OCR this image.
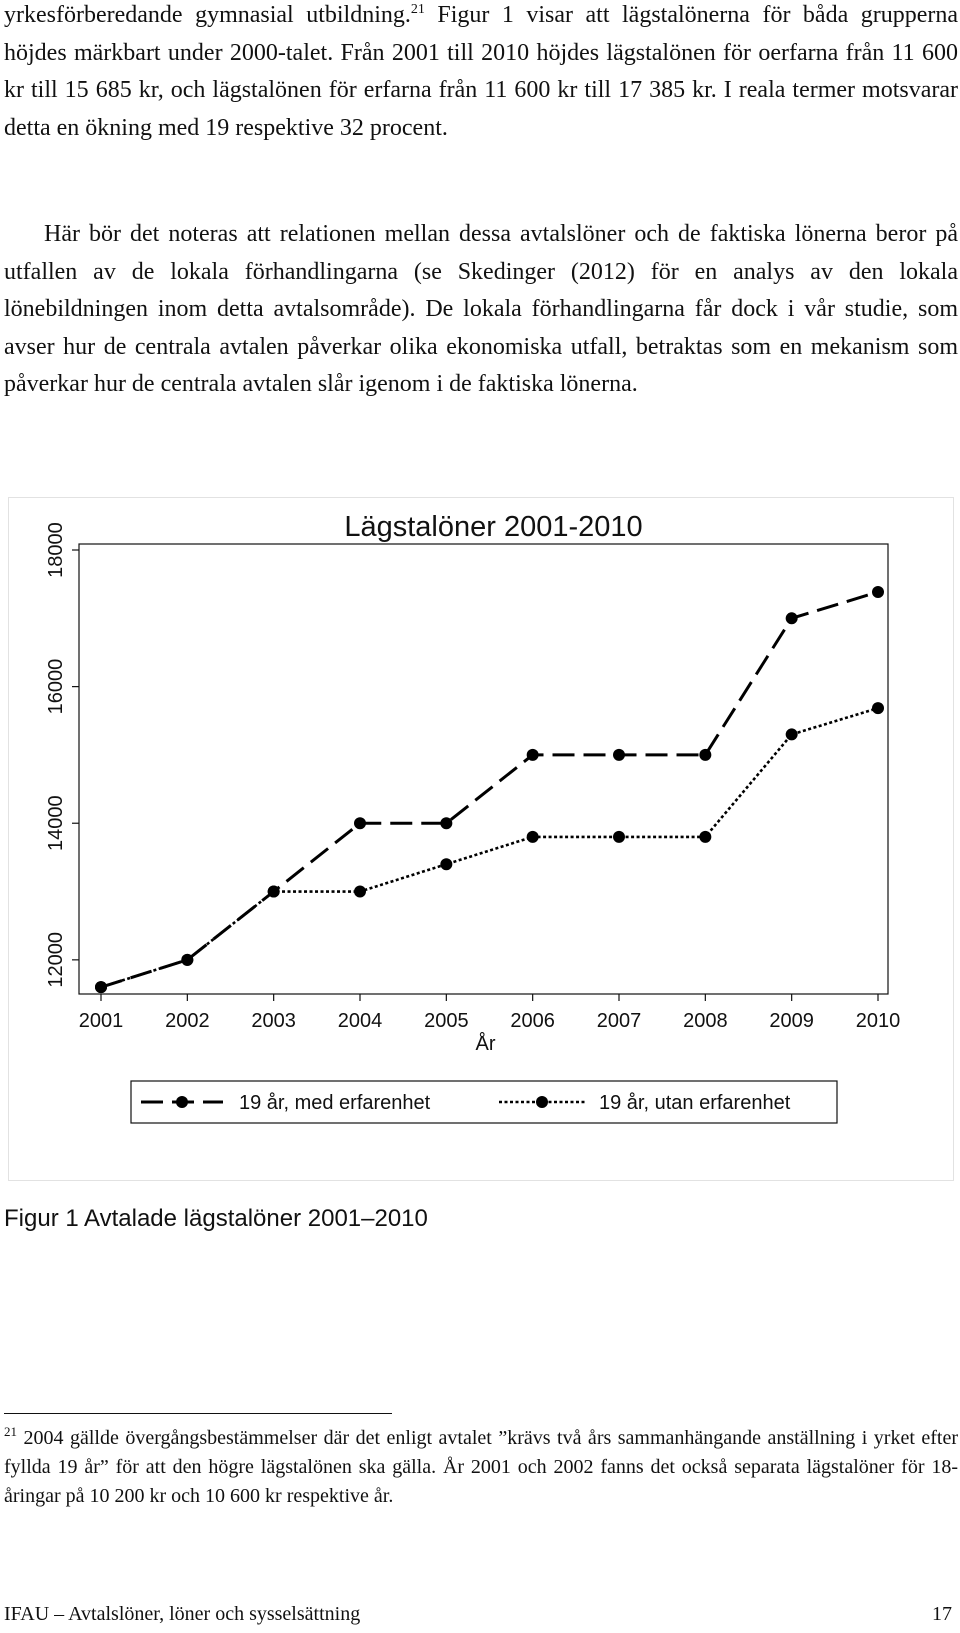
yrkesförberedande gymnasial utbildning.$^{21}$ Figur 1 visar att lägstalönerna för båda grupperna höjdes märkbart under 2000-talet. Från 2001 till 2010 höjdes lägstalönen för oerfarna från 11 600 kr till 15 685 kr, och lägstalönen för erfarna från 11 600 kr till 17 385 kr. I reala termer motsvarar detta en ökning med 19 respektive 32 procent.

Här bör det noteras att relationen mellan dessa avtalslöner och de faktiska lönerna beror på utfallen av de lokala förhandlingarna (se Skedinger (2012) för en analys av den lokala lönebildningen inom detta avtalsområde). De lokala förhandlingarna får dock i vår studie, som avser hur de centrala avtalen påverkar olika ekonomiska utfall, betraktas som en mekanism som påverkar hur de centrala avtalen slår igenom i de faktiska lönerna.

Lägstalöner 2001-2010
12000
14000
16000
18000
2001 2002 2003 2004 2005 2006 2007 2008 2009 2010
År
19 år, med erfarenhet	19 år, utan erfarenhet
Figur 1 Avtalade lägstalöner 2001–2010

$^{21}$ 2004 gällde övergångsbestämmelser där det enligt avtalet ”krävs två års sammanhängande anställning i yrket efter fyllda 19 år” för att den högre lägstalönen ska gälla. År 2001 och 2002 fanns det också separata lägstalöner för 18-åringar på 10 200 kr och 10 600 kr respektive år.

IFAU – Avtalslöner, löner och sysselsättning	17
